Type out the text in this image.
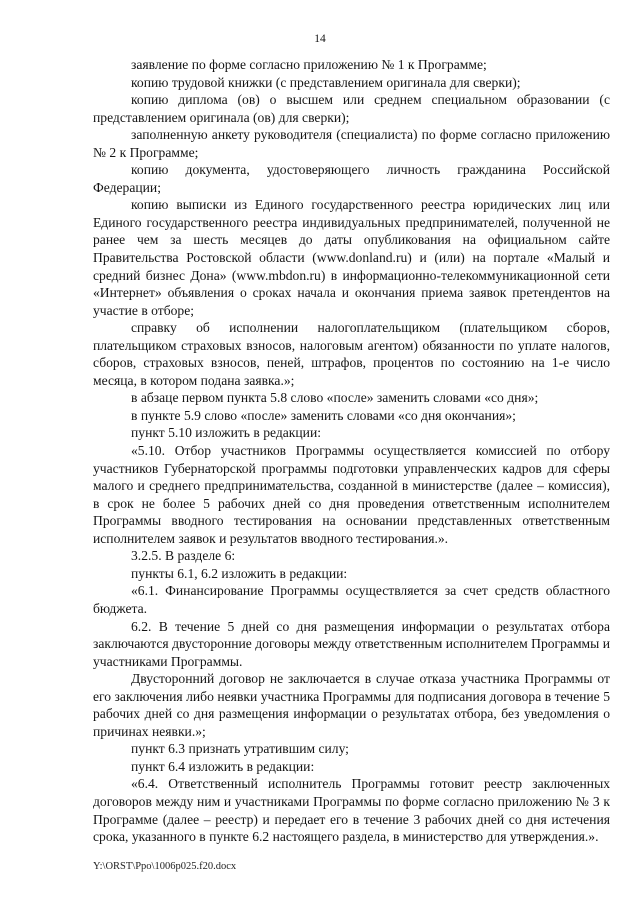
14

заявление по форме согласно приложению № 1 к Программе;

копию трудовой книжки (с представлением оригинала для сверки);

копию диплома (ов) о высшем или среднем специальном образовании (с представлением оригинала (ов) для сверки);

заполненную анкету руководителя (специалиста) по форме согласно приложению № 2 к Программе;

копию документа, удостоверяющего личность гражданина Российской Федерации;

копию выписки из Единого государственного реестра юридических лиц или Единого государственного реестра индивидуальных предпринимателей, полученной не ранее чем за шесть месяцев до даты опубликования на официальном сайте Правительства Ростовской области (www.donland.ru) и (или) на портале «Малый и средний бизнес Дона» (www.mbdon.ru) в информационно-телекоммуникационной сети «Интернет» объявления о сроках начала и окончания приема заявок претендентов на участие в отборе;

справку об исполнении налогоплательщиком (плательщиком сборов, плательщиком страховых взносов, налоговым агентом) обязанности по уплате налогов, сборов, страховых взносов, пеней, штрафов, процентов по состоянию на 1-е число месяца, в котором подана заявка.»;

в абзаце первом пункта 5.8 слово «после» заменить словами «со дня»;

в пункте 5.9 слово «после» заменить словами «со дня окончания»;

пункт 5.10 изложить в редакции:

«5.10. Отбор участников Программы осуществляется комиссией по отбору участников Губернаторской программы подготовки управленческих кадров для сферы малого и среднего предпринимательства, созданной в министерстве (далее – комиссия), в срок не более 5 рабочих дней со дня проведения ответственным исполнителем Программы вводного тестирования на основании представленных ответственным исполнителем заявок и результатов вводного тестирования.».

3.2.5. В разделе 6:

пункты 6.1, 6.2 изложить в редакции:

«6.1. Финансирование Программы осуществляется за счет средств областного бюджета.

6.2. В течение 5 дней со дня размещения информации о результатах отбора заключаются двусторонние договоры между ответственным исполнителем Программы и участниками Программы.

Двусторонний договор не заключается в случае отказа участника Программы от его заключения либо неявки участника Программы для подписания договора в течение 5 рабочих дней со дня размещения информации о результатах отбора, без уведомления о причинах неявки.»;

пункт 6.3 признать утратившим силу;

пункт 6.4 изложить в редакции:

«6.4. Ответственный исполнитель Программы готовит реестр заключенных договоров между ним и участниками Программы по форме согласно приложению № 3 к Программе (далее – реестр) и передает его в течение 3 рабочих дней со дня истечения срока, указанного в пункте 6.2 настоящего раздела, в министерство для утверждения.».

Y:\ORST\Ppo\1006p025.f20.docx
